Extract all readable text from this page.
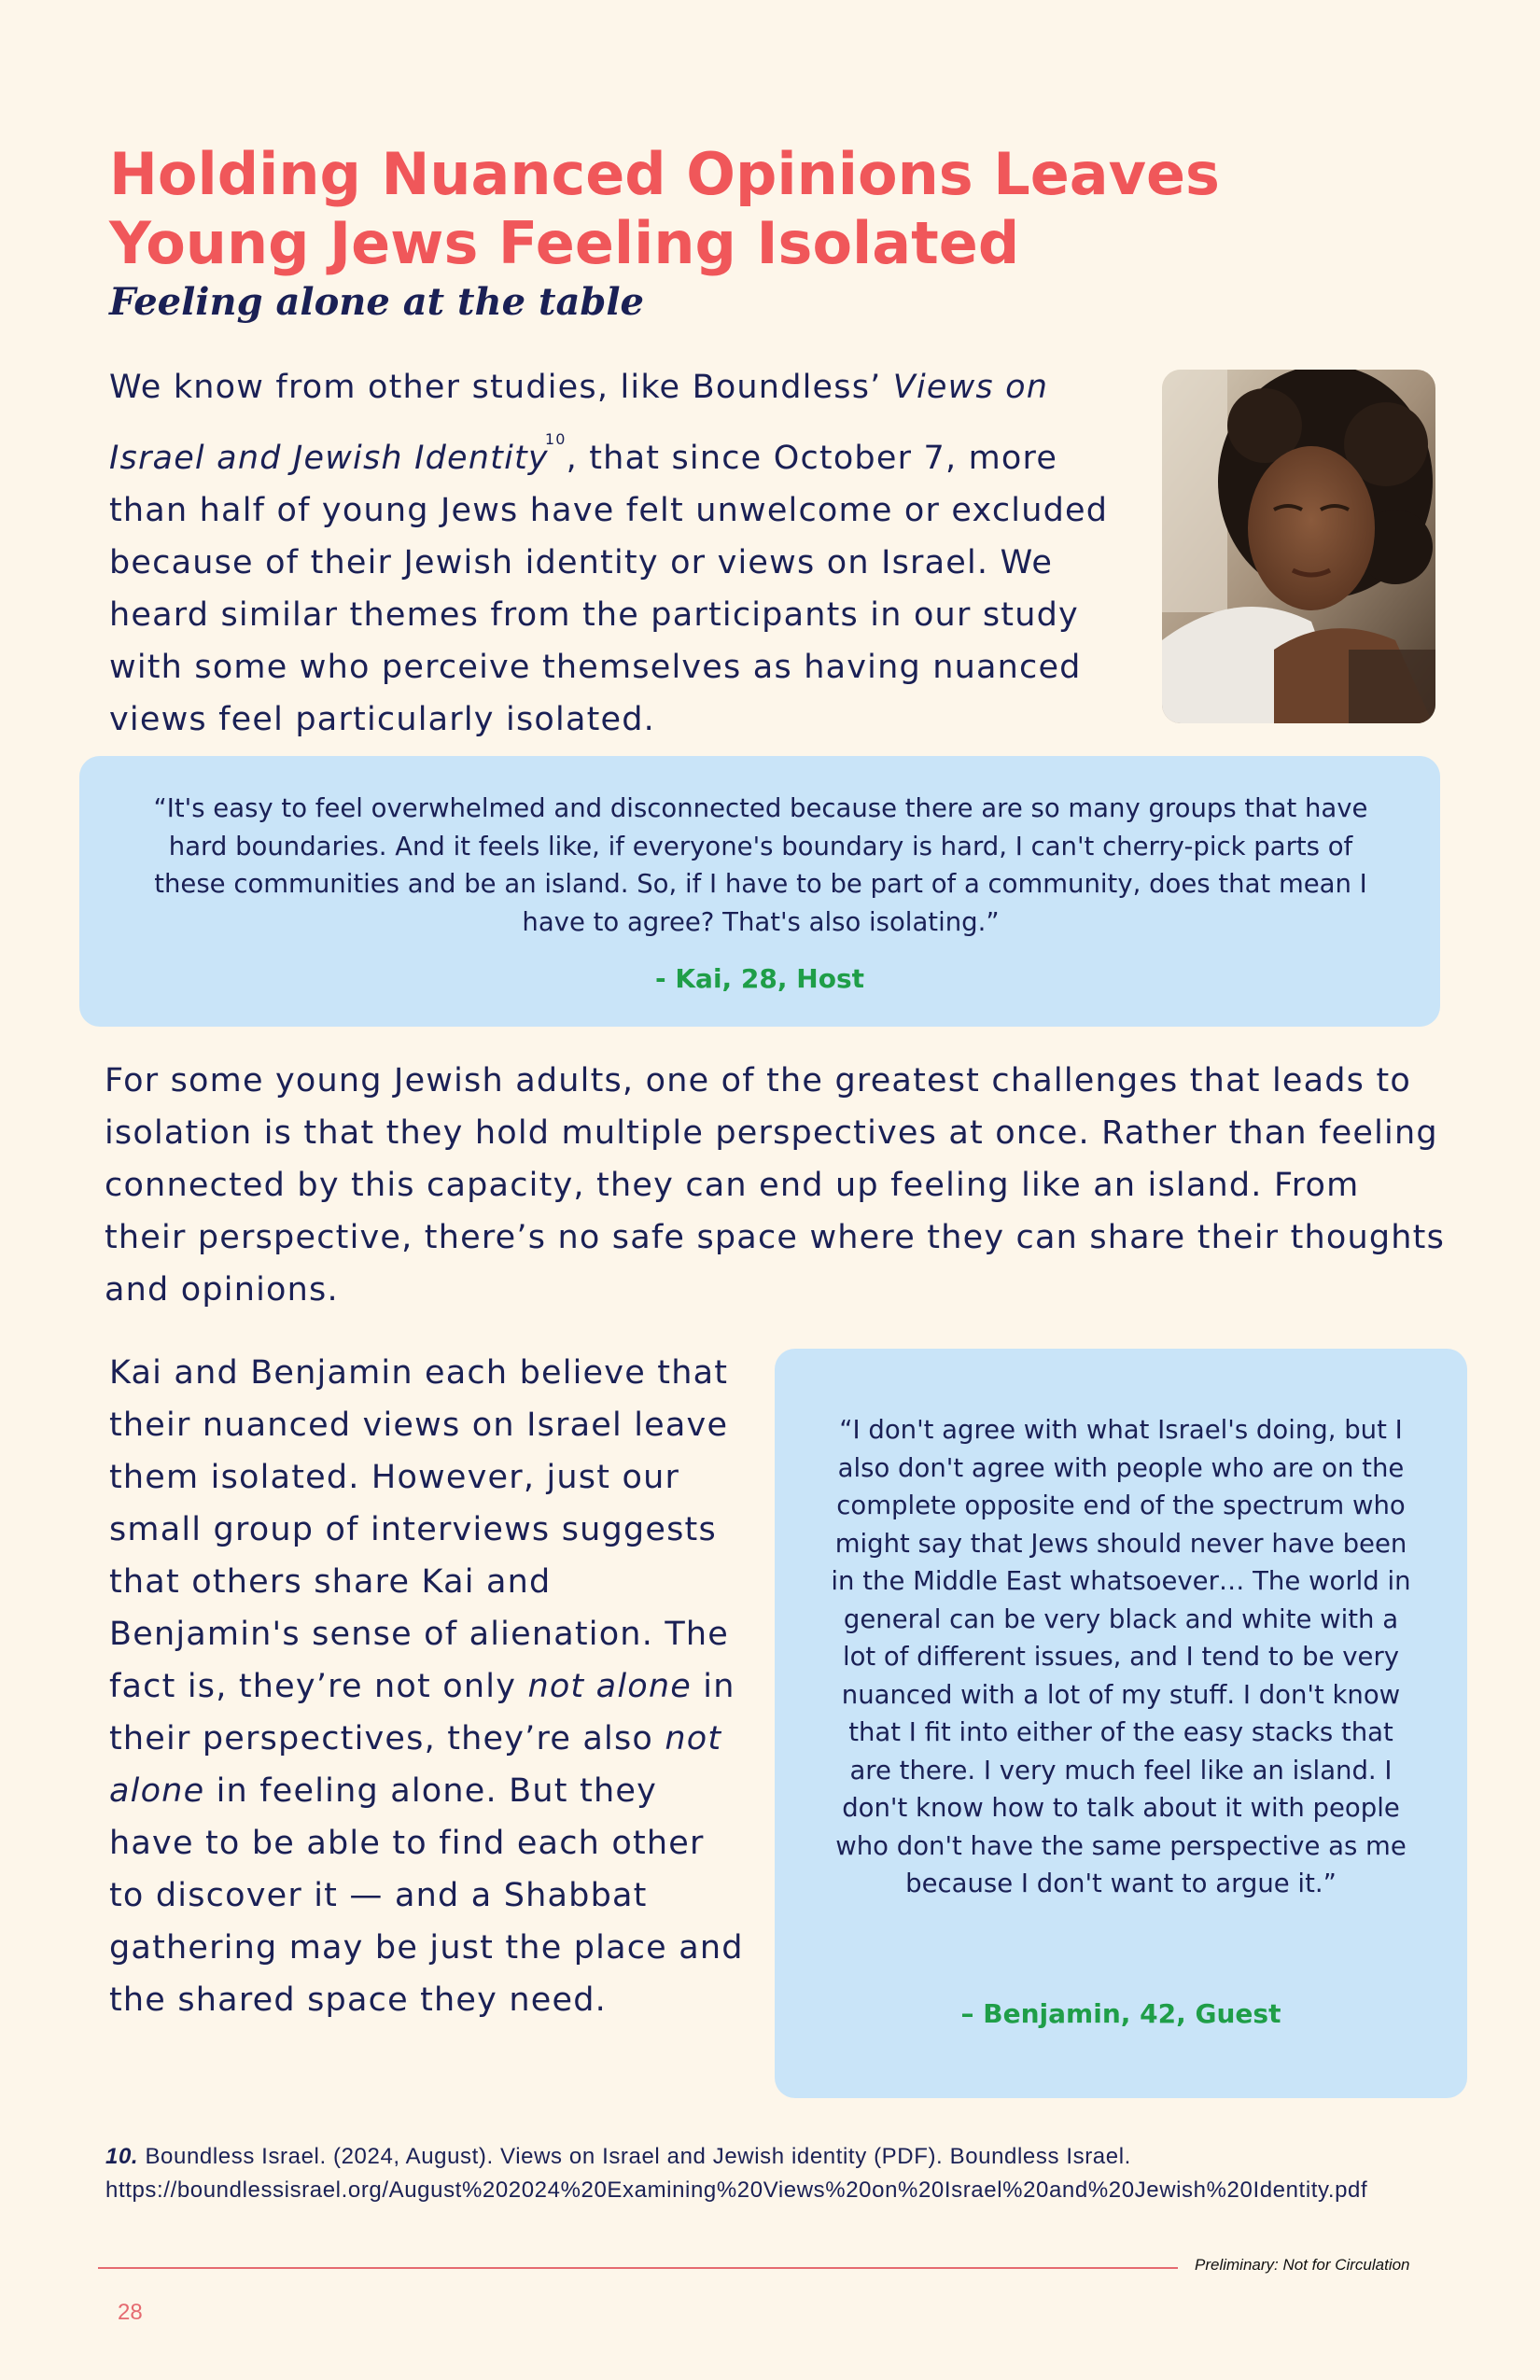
Holding Nuanced Opinions Leaves
Young Jews Feeling Isolated
Feeling alone at the table
We know from other studies, like Boundless’ Views on Israel and Jewish Identity$^{10}$, that since October 7, more than half of young Jews have felt unwelcome or excluded because of their Jewish identity or views on Israel. We heard similar themes from the participants in our study with some who perceive themselves as having nuanced views feel particularly isolated.
“It's easy to feel overwhelmed and disconnected because there are so many groups that have hard boundaries. And it feels like, if everyone's boundary is hard, I can't cherry-pick parts of these communities and be an island. So, if I have to be part of a community, does that mean I have to agree? That's also isolating.”
- Kai, 28, Host
For some young Jewish adults, one of the greatest challenges that leads to isolation is that they hold multiple perspectives at once. Rather than feeling connected by this capacity, they can end up feeling like an island. From their perspective, there’s no safe space where they can share their thoughts and opinions.
Kai and Benjamin each believe that their nuanced views on Israel leave them isolated. However, just our small group of interviews suggests that others share Kai and Benjamin's sense of alienation. The fact is, they’re not only not alone in their perspectives, they’re also not alone in feeling alone. But they have to be able to find each other to discover it — and a Shabbat gathering may be just the place and the shared space they need.
“I don't agree with what Israel's doing, but I also don't agree with people who are on the complete opposite end of the spectrum who might say that Jews should never have been in the Middle East whatsoever… The world in general can be very black and white with a lot of different issues, and I tend to be very nuanced with a lot of my stuff. I don't know that I fit into either of the easy stacks that are there. I very much feel like an island. I don't know how to talk about it with people who don't have the same perspective as me because I don't want to argue it.”
– Benjamin, 42, Guest
10. Boundless Israel. (2024, August). Views on Israel and Jewish identity (PDF). Boundless Israel.
https://boundlessisrael.org/August%202024%20Examining%20Views%20on%20Israel%20and%20Jewish%20Identity.pdf
Preliminary: Not for Circulation
28
